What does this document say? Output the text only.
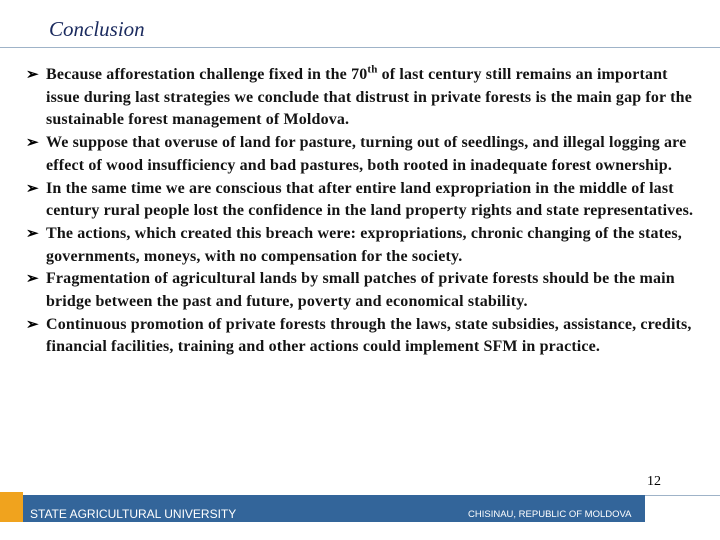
Conclusion
➢ Because afforestation challenge fixed in the 70th of last century still remains an important issue during last strategies we conclude that distrust in private forests is the main gap for the sustainable forest management of Moldova.
➢ We suppose that overuse of land for pasture, turning out of seedlings, and illegal logging are effect of wood insufficiency and bad pastures, both rooted in inadequate forest ownership.
➢ In the same time we are conscious that after entire land expropriation in the middle of last century rural people lost the confidence in the land property rights and state representatives.
➢ The actions, which created this breach were: expropriations, chronic changing of the states, governments, moneys, with no compensation for the society.
➢ Fragmentation of agricultural lands by small patches of private forests should be the main bridge between the past and future, poverty and economical stability.
➢ Continuous promotion of private forests through the laws, state subsidies, assistance, credits, financial facilities, training and other actions could implement SFM in practice.
STATE AGRICULTURAL UNIVERSITY	CHISINAU, REPUBLIC OF MOLDOVA
12
